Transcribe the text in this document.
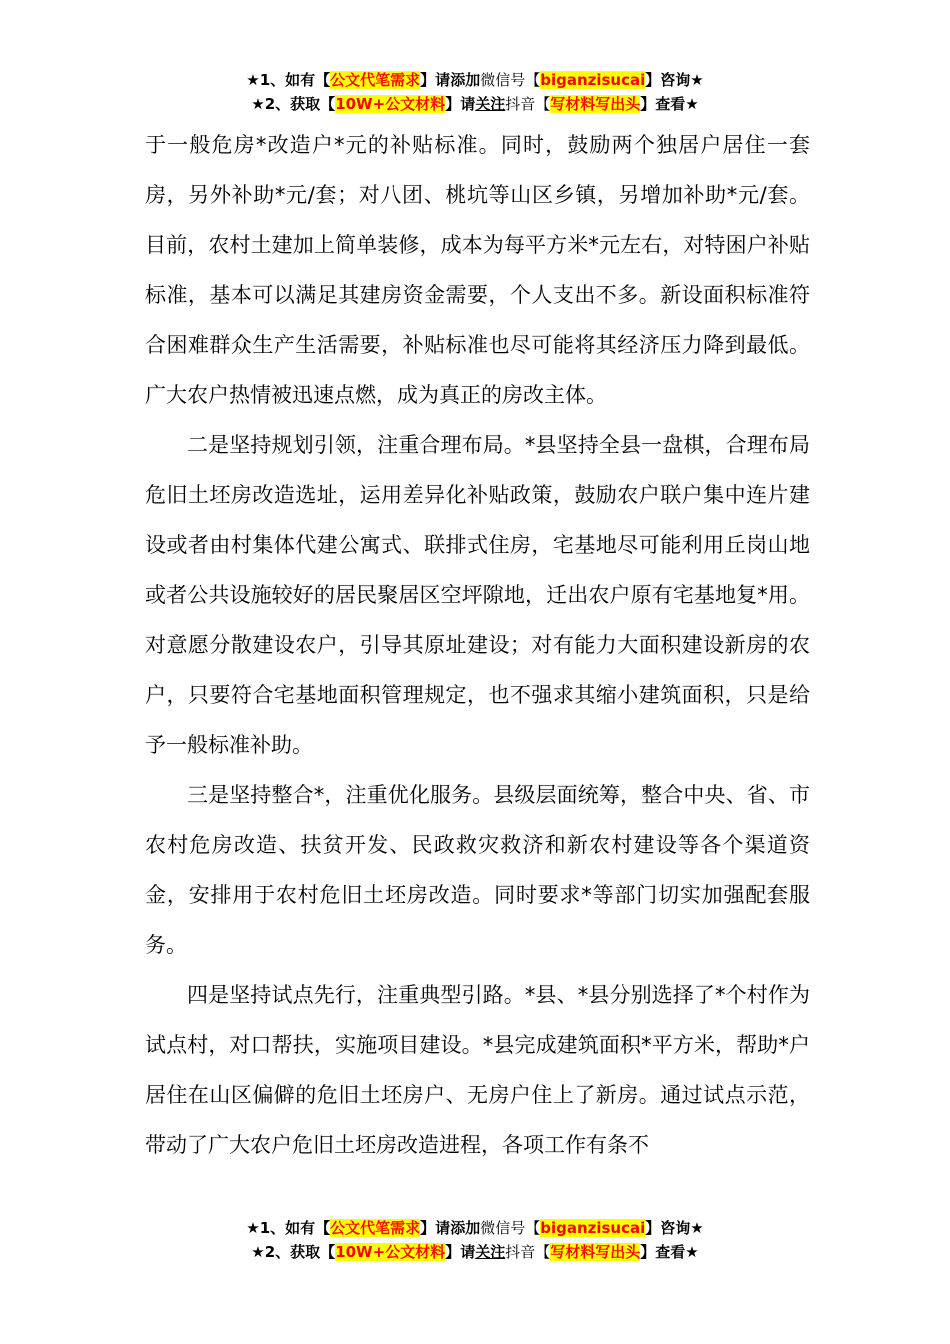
★1、如有【公文代笔需求】请添加微信号【biganzisucai】咨询★
★2、获取【10W+公文材料】请关注抖音【写材料写出头】查看★

于一般危房*改造户*元的补贴标准。同时，鼓励两个独居户居住一套房，另外补助*元/套；对八团、桃坑等山区乡镇，另增加补助*元/套。目前，农村土建加上简单装修，成本为每平方米*元左右，对特困户补贴标准，基本可以满足其建房资金需要，个人支出不多。新设面积标准符合困难群众生产生活需要，补贴标准也尽可能将其经济压力降到最低。广大农户热情被迅速点燃，成为真正的房改主体。

二是坚持规划引领，注重合理布局。*县坚持全县一盘棋，合理布局危旧土坯房改造选址，运用差异化补贴政策，鼓励农户联户集中连片建设或者由村集体代建公寓式、联排式住房，宅基地尽可能利用丘岗山地或者公共设施较好的居民聚居区空坪隙地，迁出农户原有宅基地复*用。对意愿分散建设农户，引导其原址建设；对有能力大面积建设新房的农户，只要符合宅基地面积管理规定，也不强求其缩小建筑面积，只是给予一般标准补助。

三是坚持整合*，注重优化服务。县级层面统筹，整合中央、省、市农村危房改造、扶贫开发、民政救灾救济和新农村建设等各个渠道资金，安排用于农村危旧土坯房改造。同时要求*等部门切实加强配套服务。

四是坚持试点先行，注重典型引路。*县、*县分别选择了*个村作为试点村，对口帮扶，实施项目建设。*县完成建筑面积*平方米，帮助*户居住在山区偏僻的危旧土坯房户、无房户住上了新房。通过试点示范，带动了广大农户危旧土坯房改造进程，各项工作有条不

★1、如有【公文代笔需求】请添加微信号【biganzisucai】咨询★
★2、获取【10W+公文材料】请关注抖音【写材料写出头】查看★
